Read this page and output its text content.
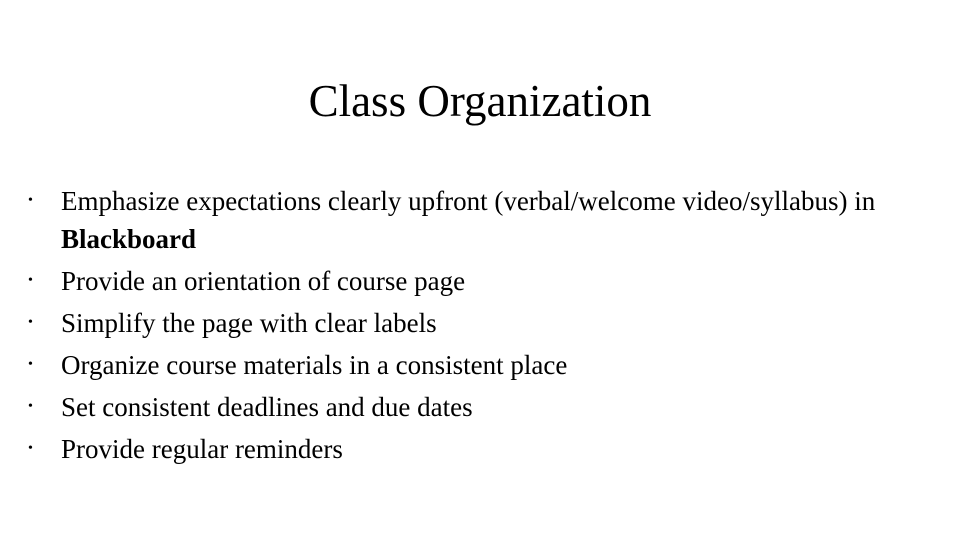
Class Organization
• Emphasize expectations clearly upfront (verbal/welcome video/syllabus) in Blackboard
• Provide an orientation of course page
• Simplify the page with clear labels
• Organize course materials in a consistent place
• Set consistent deadlines and due dates
• Provide regular reminders
